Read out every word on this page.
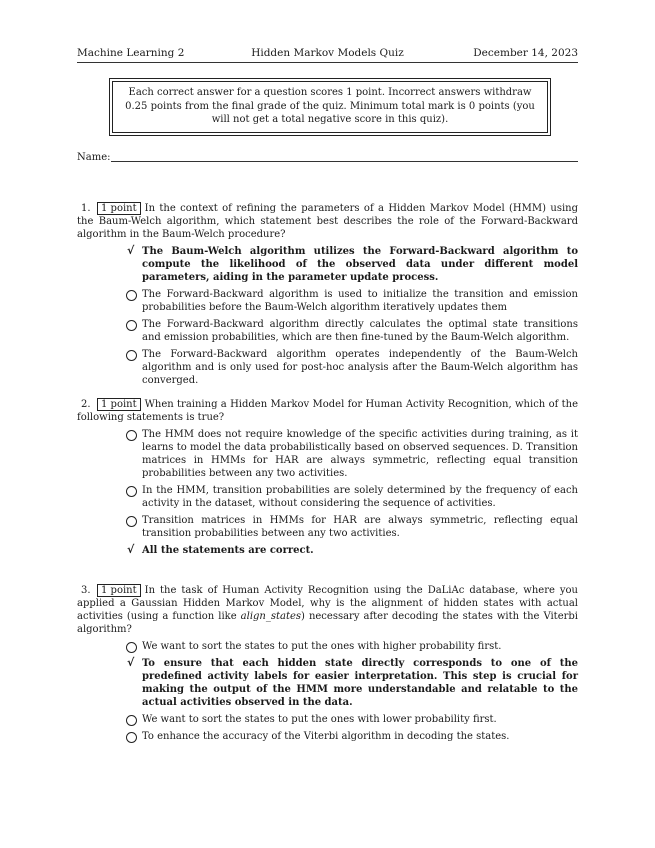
Machine Learning 2	Hidden Markov Models Quiz	December 14, 2023
Each correct answer for a question scores 1 point. Incorrect answers withdraw 0.25 points from the final grade of the quiz. Minimum total mark is 0 points (you will not get a total negative score in this quiz).
Name:
1.	1 point In the context of refining the parameters of a Hidden Markov Model (HMM) using the Baum-Welch algorithm, which statement best describes the role of the Forward-Backward algorithm in the Baum-Welch procedure?
√ The Baum-Welch algorithm utilizes the Forward-Backward algorithm to compute the likelihood of the observed data under different model parameters, aiding in the parameter update process.
The Forward-Backward algorithm is used to initialize the transition and emission probabilities before the Baum-Welch algorithm iteratively updates them
The Forward-Backward algorithm directly calculates the optimal state transitions and emission probabilities, which are then fine-tuned by the Baum-Welch algorithm.
The Forward-Backward algorithm operates independently of the Baum-Welch algorithm and is only used for post-hoc analysis after the Baum-Welch algorithm has converged.
2.	1 point When training a Hidden Markov Model for Human Activity Recognition, which of the following statements is true?
The HMM does not require knowledge of the specific activities during training, as it learns to model the data probabilistically based on observed sequences. D. Transition matrices in HMMs for HAR are always symmetric, reflecting equal transition probabilities between any two activities.
In the HMM, transition probabilities are solely determined by the frequency of each activity in the dataset, without considering the sequence of activities.
Transition matrices in HMMs for HAR are always symmetric, reflecting equal transition probabilities between any two activities.
√ All the statements are correct.
3.	1 point In the task of Human Activity Recognition using the DaLiAc database, where you applied a Gaussian Hidden Markov Model, why is the alignment of hidden states with actual activities (using a function like align_states) necessary after decoding the states with the Viterbi algorithm?
We want to sort the states to put the ones with higher probability first.
√ To ensure that each hidden state directly corresponds to one of the predefined activity labels for easier interpretation. This step is crucial for making the output of the HMM more understandable and relatable to the actual activities observed in the data.
We want to sort the states to put the ones with lower probability first.
To enhance the accuracy of the Viterbi algorithm in decoding the states.
